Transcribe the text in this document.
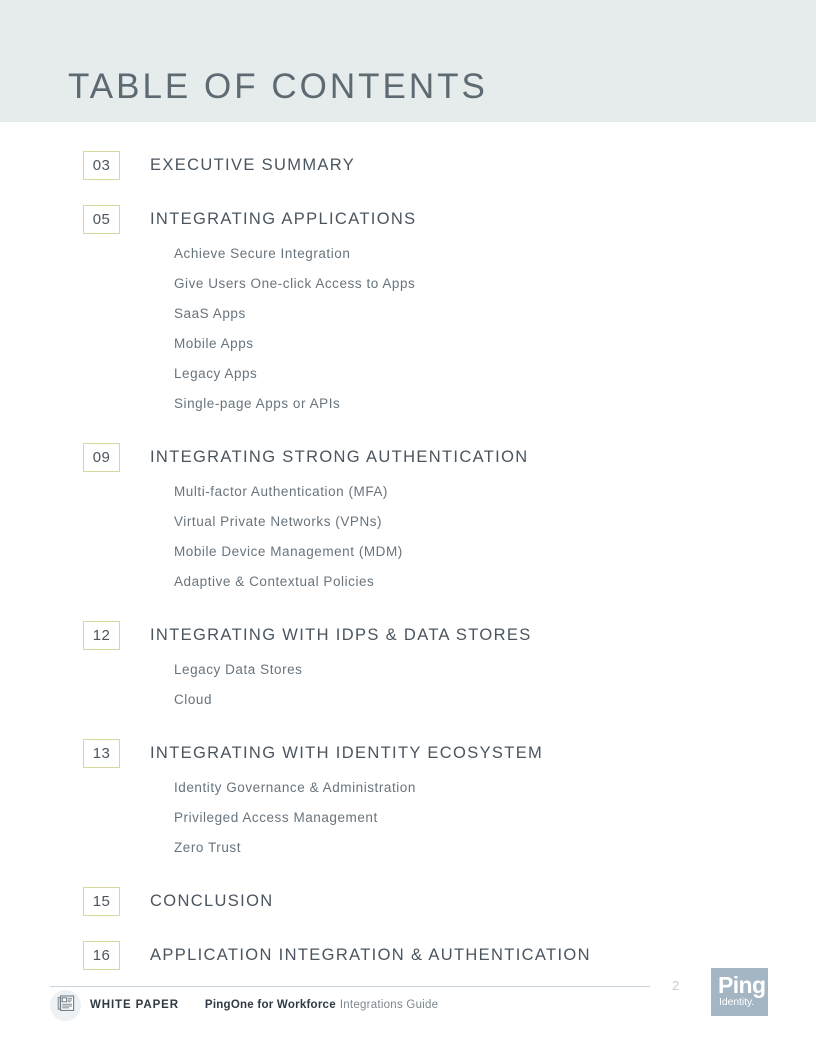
TABLE OF CONTENTS
03 EXECUTIVE SUMMARY
05 INTEGRATING APPLICATIONS
Achieve Secure Integration
Give Users One-click Access to Apps
SaaS Apps
Mobile Apps
Legacy Apps
Single-page Apps or APIs
09 INTEGRATING STRONG AUTHENTICATION
Multi-factor Authentication (MFA)
Virtual Private Networks (VPNs)
Mobile Device Management (MDM)
Adaptive & Contextual Policies
12 INTEGRATING WITH IDPS & DATA STORES
Legacy Data Stores
Cloud
13 INTEGRATING WITH IDENTITY ECOSYSTEM
Identity Governance & Administration
Privileged Access Management
Zero Trust
15 CONCLUSION
16 APPLICATION INTEGRATION & AUTHENTICATION
2
WHITE PAPER PingOne for Workforce Integrations Guide
Ping
Identity.
